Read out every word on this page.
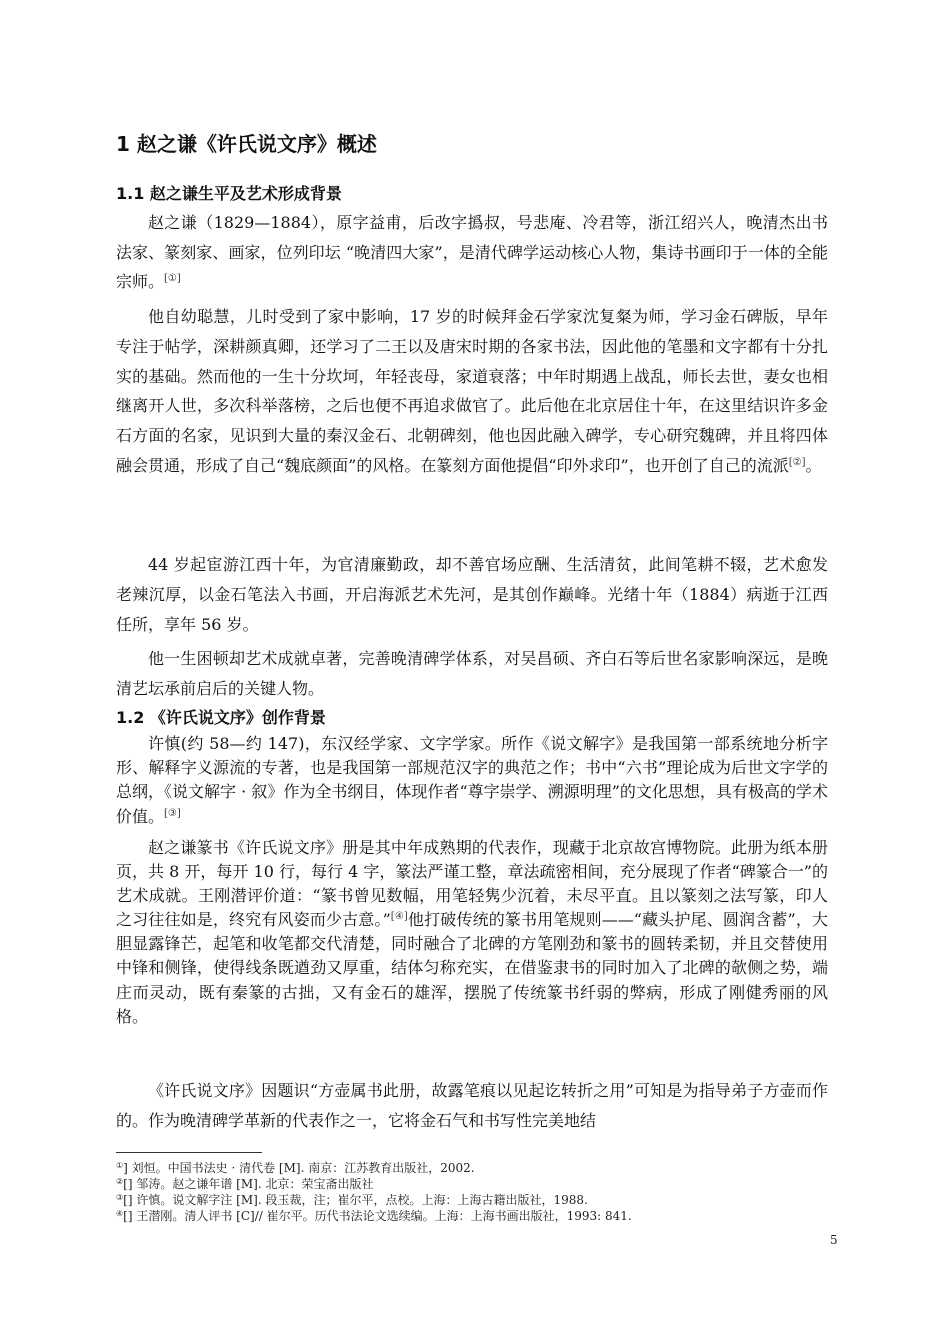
1 赵之谦《许氏说文序》概述
1.1 赵之谦生平及艺术形成背景

赵之谦（1829—1884），原字益甫，后改字撝叔，号悲庵、冷君等，浙江绍兴人，晚清杰出书法家、篆刻家、画家，位列印坛 “晚清四大家”，是清代碑学运动核心人物，集诗书画印于一体的全能宗师。[①]

他自幼聪慧，儿时受到了家中影响，17 岁的时候拜金石学家沈复粲为师，学习金石碑版，早年专注于帖学，深耕颜真卿，还学习了二王以及唐宋时期的各家书法，因此他的笔墨和文字都有十分扎实的基础。然而他的一生十分坎坷，年轻丧母，家道衰落；中年时期遇上战乱，师长去世，妻女也相继离开人世，多次科举落榜，之后也便不再追求做官了。此后他在北京居住十年，在这里结识许多金石方面的名家，见识到大量的秦汉金石、北朝碑刻，他也因此融入碑学，专心研究魏碑，并且将四体融会贯通，形成了自己“魏底颜面”的风格。在篆刻方面他提倡“印外求印”，也开创了自己的流派[②]。

44 岁起宦游江西十年，为官清廉勤政，却不善官场应酬、生活清贫，此间笔耕不辍，艺术愈发老辣沉厚，以金石笔法入书画，开启海派艺术先河，是其创作巅峰。光绪十年（1884）病逝于江西任所，享年 56 岁。

他一生困顿却艺术成就卓著，完善晚清碑学体系，对吴昌硕、齐白石等后世名家影响深远，是晚清艺坛承前启后的关键人物。

1.2 《许氏说文序》创作背景

许慎(约 58—约 147)，东汉经学家、文字学家。所作《说文解字》是我国第一部系统地分析字形、解释字义源流的专著，也是我国第一部规范汉字的典范之作；书中“六书”理论成为后世文字学的总纲，《说文解字 · 叙》作为全书纲目，体现作者“尊字崇学、溯源明理”的文化思想，具有极高的学术价值。[③]

赵之谦篆书《许氏说文序》册是其中年成熟期的代表作，现藏于北京故宫博物院。此册为纸本册页，共 8 开，每开 10 行，每行 4 字，篆法严谨工整，章法疏密相间，充分展现了作者“碑篆合一”的艺术成就。王刚潜评价道：“篆书曾见数幅，用笔轻隽少沉着，未尽平直。且以篆刻之法写篆，印人之习往往如是，终究有风姿而少古意。”[④]他打破传统的篆书用笔规则——“藏头护尾、圆润含蓄”，大胆显露锋芒，起笔和收笔都交代清楚，同时融合了北碑的方笔刚劲和篆书的圆转柔韧，并且交替使用中锋和侧锋，使得线条既遒劲又厚重，结体匀称充实，在借鉴隶书的同时加入了北碑的欹侧之势，端庄而灵动，既有秦篆的古拙，又有金石的雄浑，摆脱了传统篆书纤弱的弊病，形成了刚健秀丽的风格。

《许氏说文序》因题识“方壶属书此册，故露笔痕以见起讫转折之用”可知是为指导弟子方壶而作的。作为晚清碑学革新的代表作之一，它将金石气和书写性完美地结

①] 刘恒。中国书法史 · 清代卷 [M]. 南京：江苏教育出版社，2002.
②[] 邹涛。赵之谦年谱 [M]. 北京：荣宝斋出版社
③[] 许慎。说文解字注 [M]. 段玉裁，注；崔尔平，点校。上海：上海古籍出版社，1988.
④[] 王潜刚。清人评书 [C]// 崔尔平。历代书法论文选续编。上海：上海书画出版社，1993: 841.
5
